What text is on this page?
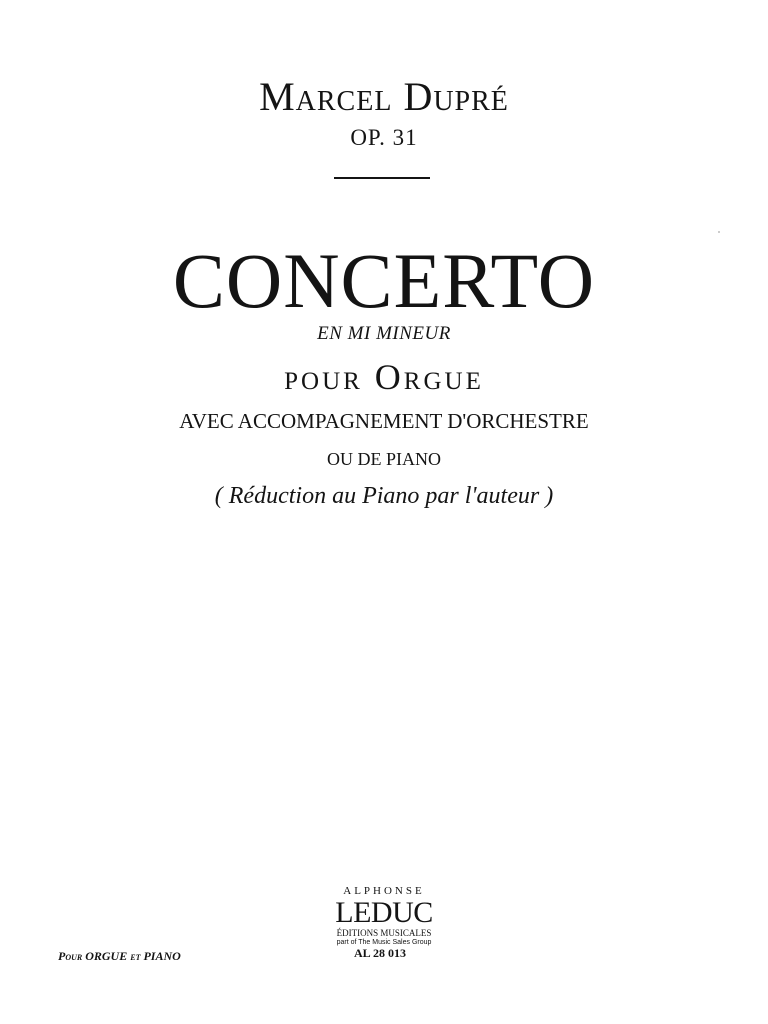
Marcel Dupré
OP. 31
CONCERTO
EN MI MINEUR
pour Orgue
AVEC ACCOMPAGNEMENT D'ORCHESTRE
OU DE PIANO
( Réduction au Piano par l'auteur )
ALPHONSE
LEDUC
ÉDITIONS MUSICALES
part of The Music Sales Group
AL 28 013
Pour ORGUE et PIANO
